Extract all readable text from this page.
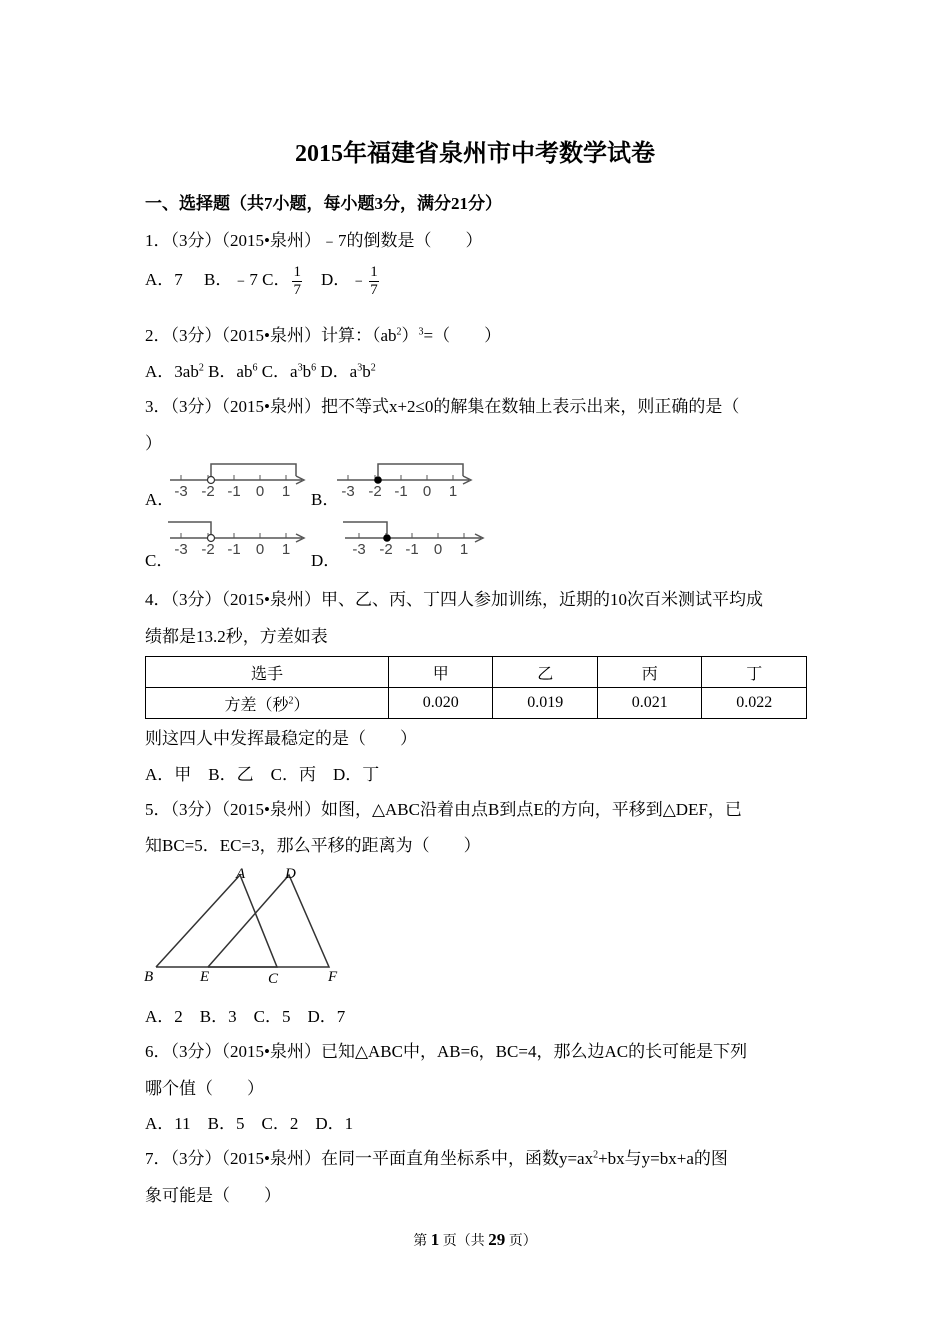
2015年福建省泉州市中考数学试卷
一、选择题（共7小题，每小题3分，满分21分）
1．（3分）（2015•泉州）﹣7的倒数是（　　）
A．7 B．﹣7 C． $\frac{1}{7}$ D．﹣ $\frac{1}{7}$
2．（3分）（2015•泉州）计算：$(ab^2)^3=$（　　）
A．$3ab^2$ B．$ab^6$ C．$a^3b^6$ D．$a^3b^2$
3．（3分）（2015•泉州）把不等式x+2≤0的解集在数轴上表示出来，则正确的是（
）
A． -3 -2 -1 0 1 B． -3 -2 -1 0 1
C．
-3 -2 -1 0 1
D．
-3 -2 -1 0 1
4．（3分）（2015•泉州）甲、乙、丙、丁四人参加训练，近期的10次百米测试平均成
绩都是13.2秒，方差如表
选手	甲	乙	丙	丁
方差（秒$^2$）	0.020	0.019	0.021	0.022
则这四人中发挥最稳定的是（　　）
A．甲　B．乙　C．丙　D．丁
5．（3分）（2015•泉州）如图，△ABC沿着由点B到点E的方向，平移到△DEF，已
知BC=5．EC=3，那么平移的距离为（　　）
A	D
B	E	C	F
A．2　B．3　C．5　D．7
6．（3分）（2015•泉州）已知△ABC中，AB=6，BC=4，那么边AC的长可能是下列
哪个值（　　）
A．11　B．5　C．2　D．1
7．（3分）（2015•泉州）在同一平面直角坐标系中，函数$y=ax^2+bx$与y=bx+a的图
象可能是（　　）
第 1 页（共 29 页）
